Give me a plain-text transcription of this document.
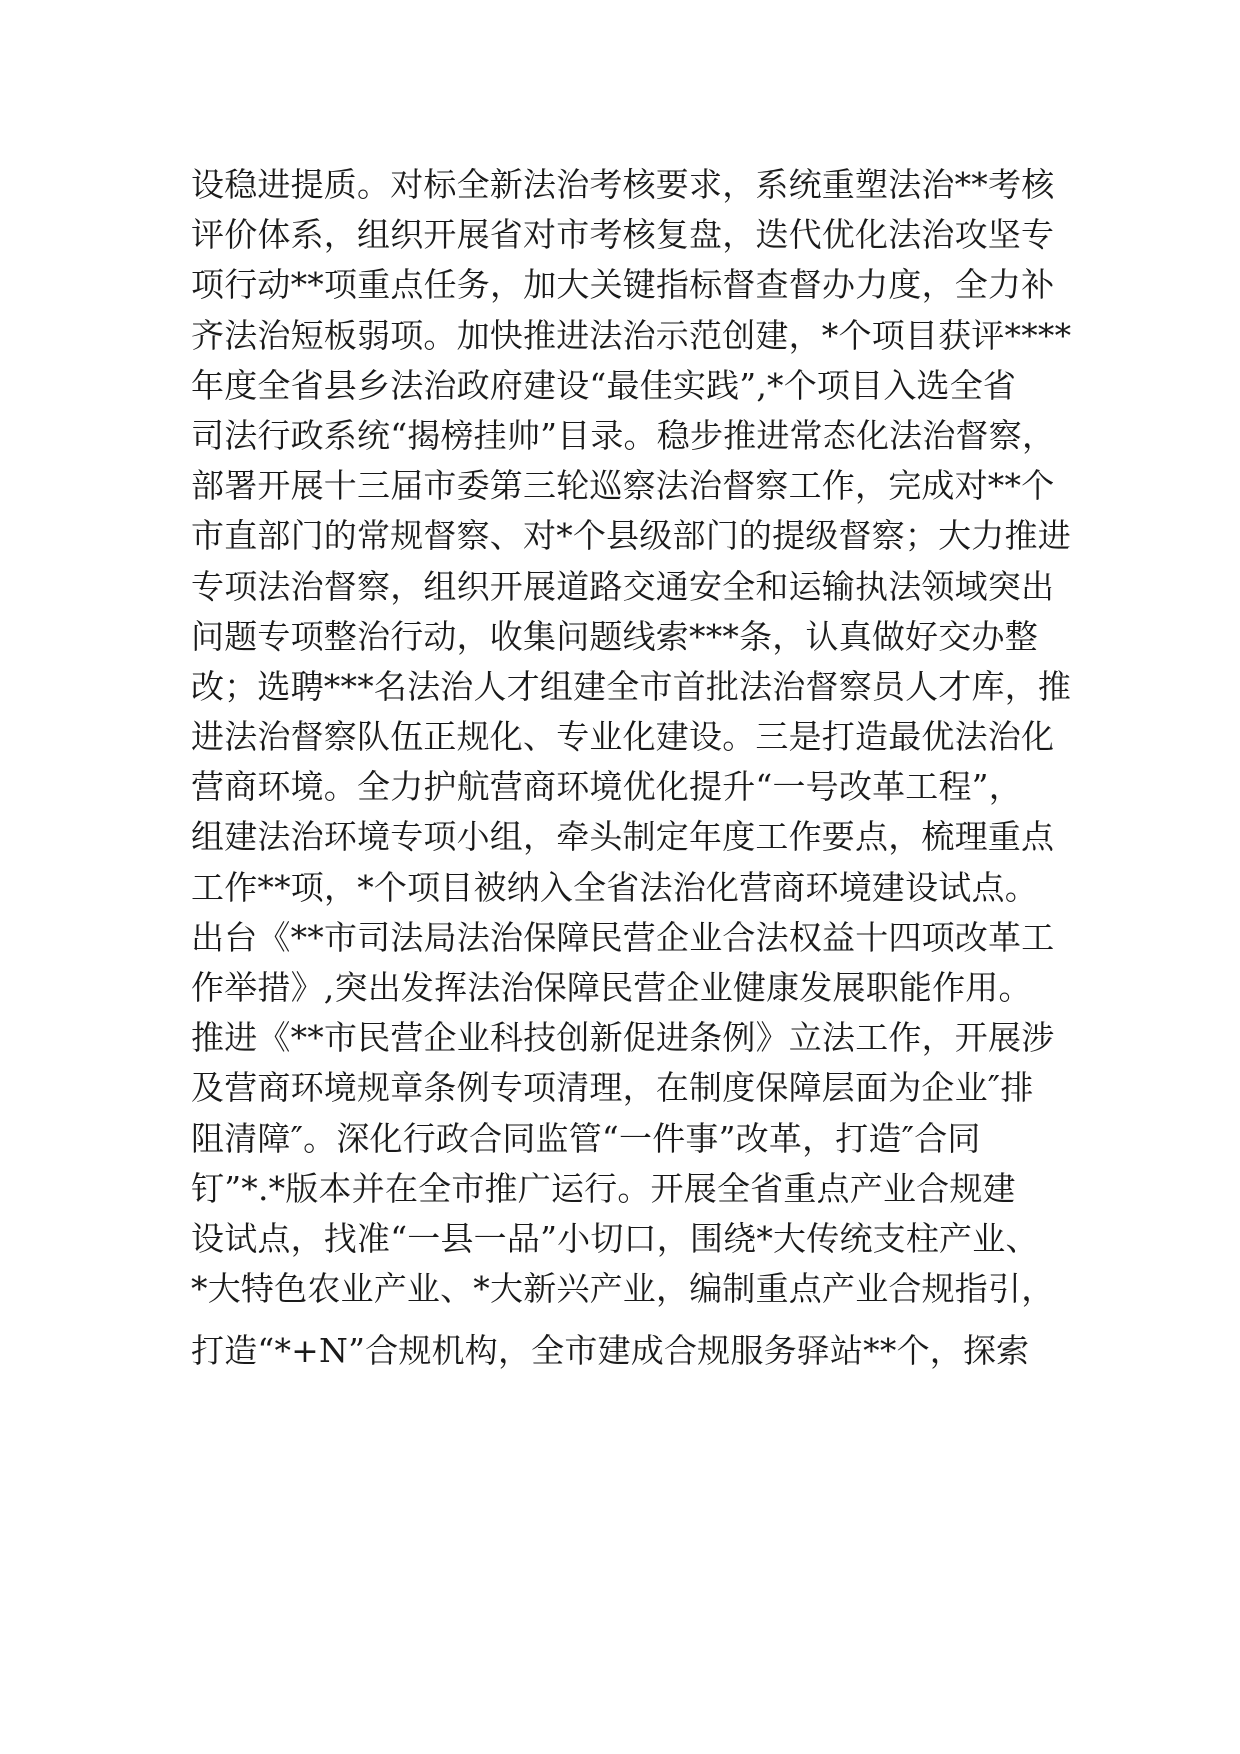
设稳进提质。对标全新法治考核要求，系统重塑法治**考核
评价体系，组织开展省对市考核复盘，迭代优化法治攻坚专
项行动**项重点任务，加大关键指标督查督办力度，全力补
齐法治短板弱项。加快推进法治示范创建，*个项目获评****
年度全省县乡法治政府建设“最佳实践”,*个项目入选全省
司法行政系统“揭榜挂帅”目录。稳步推进常态化法治督察，
部署开展十三届市委第三轮巡察法治督察工作，完成对**个
市直部门的常规督察、对*个县级部门的提级督察；大力推进
专项法治督察，组织开展道路交通安全和运输执法领域突出
问题专项整治行动，收集问题线索***条，认真做好交办整
改；选聘***名法治人才组建全市首批法治督察员人才库，推
进法治督察队伍正规化、专业化建设。三是打造最优法治化
营商环境。全力护航营商环境优化提升“一号改革工程”，
组建法治环境专项小组，牵头制定年度工作要点，梳理重点
工作**项，*个项目被纳入全省法治化营商环境建设试点。
出台《**市司法局法治保障民营企业合法权益十四项改革工
作举措》,突出发挥法治保障民营企业健康发展职能作用。
推进《**市民营企业科技创新促进条例》立法工作，开展涉
及营商环境规章条例专项清理，在制度保障层面为企业″排
阻清障″。深化行政合同监管“一件事”改革，打造″合同
钉”*.*版本并在全市推广运行。开展全省重点产业合规建
设试点，找准“一县一品”小切口，围绕*大传统支柱产业、
*大特色农业产业、*大新兴产业，编制重点产业合规指引，
打造“*+N”合规机构，全市建成合规服务驿站**个，探索
